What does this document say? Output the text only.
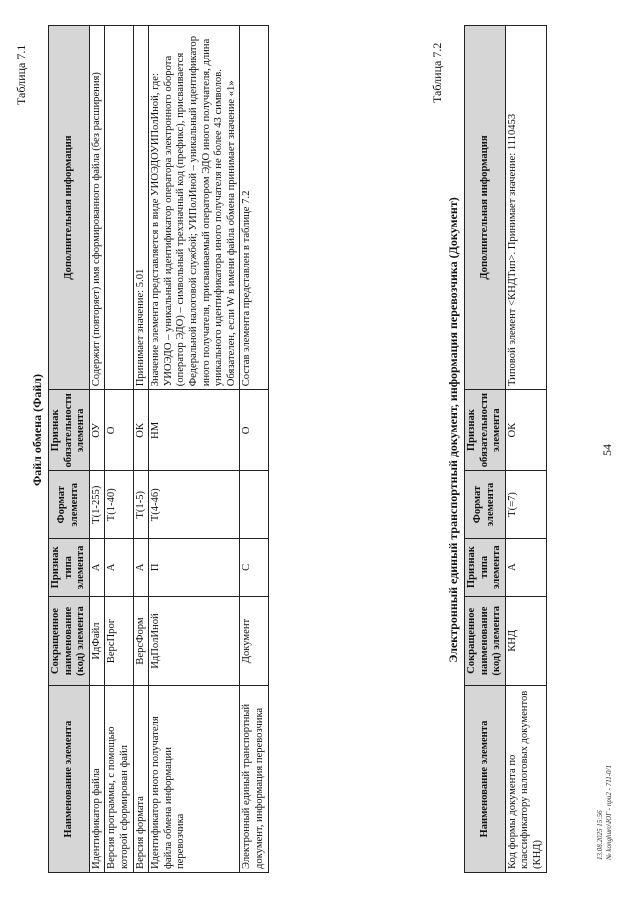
Таблица 7.1
Файл обмена (Файл)
Наименование элемента	Сокращенное наименование (код) элемента	Признак типа элемента	Формат элемента	Признак обязательности элемента	Дополнительная информация
Идентификатор файла	ИдФайл	А	Т(1-255)	ОУ	Содержит (повторяет) имя сформированного файла (без расширения)
Версия программы, с помощью которой сформирован файл	ВерсПрог	А	Т(1-40)	О	
Версия формата	ВерсФорм	А	Т(1-5)	ОК	Принимает значение: 5.01
Идентификатор иного получателя файла обмена информации перевозчика	ИдПолИной	П	Т(4-46)	НМ	Значение элемента представляется в виде УИОЭДОУИПолИной, где: УИОЭДО – уникальный идентификатор оператора электронного оборота (оператор ЭДО) – символьный трехзначный код (префикс), присваивается Федеральной налоговой службой; УИПолИной – уникальный идентификатор иного получателя, присваиваемый оператором ЭДО иного получателя, длина уникального идентификатора иного получателя не более 43 символов. Обязателен, если W в имени файла обмена принимает значение «1»
Электронный единый транспортный документ, информация перевозчика	Документ	С		О	Состав элемента представлен в таблице 7.2
Таблица 7.2
Электронный единый транспортный документ, информация перевозчика (Документ)
Наименование элемента	Сокращенное наименование (код) элемента	Признак типа элемента	Формат элемента	Признак обязательности элемента	Дополнительная информация
Код формы документа по классификатору налоговых документов (КНД)	КНД	А	Т(=7)	ОК	Типовой элемент <КНДТип>. Принимает значение: 1110453
54
13.08.2025 15:56 № konghuro\ЮГ - npu2 - 711-0/1
